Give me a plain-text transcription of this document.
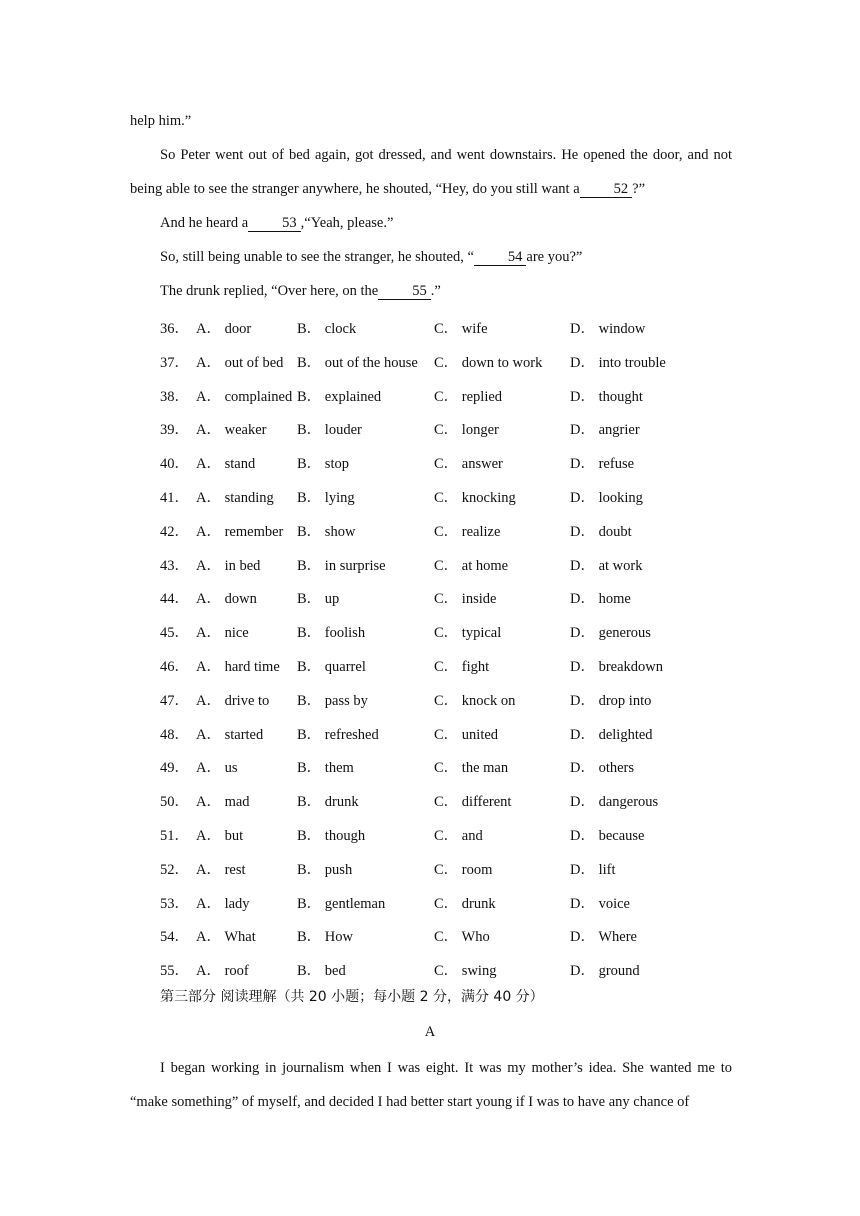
help him.”

So Peter went out of bed again, got dressed, and went downstairs. He opened the door, and not being able to see the stranger anywhere, he shouted, “Hey, do you still want a 52 ?”

And he heard a 53 ,“Yeah, please.”

So, still being unable to see the stranger, he shouted, “ 54 are you?”

The drunk replied, “Over here, on the 55 .”

36． A． door	B． clock	C． wife	D． window
37． A． out of bed B． out of the house C． down to work D． into trouble
38． A． complained B． explained	C． replied	D． thought
39． A． weaker B． louder	C． longer	D． angrier
40． A． stand	B． stop	C． answer	D． refuse
41． A． standing B． lying	C． knocking	D． looking
42． A． remember B． show	C． realize	D． doubt
43． A． in bed	B． in surprise	C． at home	D． at work
44． A． down	B． up	C． inside	D． home
45． A． nice	B． foolish	C． typical	D． generous
46． A． hard time B． quarrel	C． fight	D． breakdown
47． A． drive to B． pass by	C． knock on	D． drop into
48． A． started B． refreshed	C． united	D． delighted
49． A． us	B． them	C． the man	D． others
50． A． mad	B． drunk	C． different	D． dangerous
51． A． but	B． though	C． and	D． because
52． A． rest	B． push	C． room	D． lift
53． A． lady	B． gentleman	C． drunk	D． voice
54． A． What	B． How	C． Who	D． Where
55． A． roof	B． bed	C． swing	D． ground
第三部分 阅读理解（共 20 小题；每小题 2 分，满分 40 分）
A

I began working in journalism when I was eight. It was my mother’s idea. She wanted me to “make something” of myself, and decided I had better start young if I was to have any chance of
